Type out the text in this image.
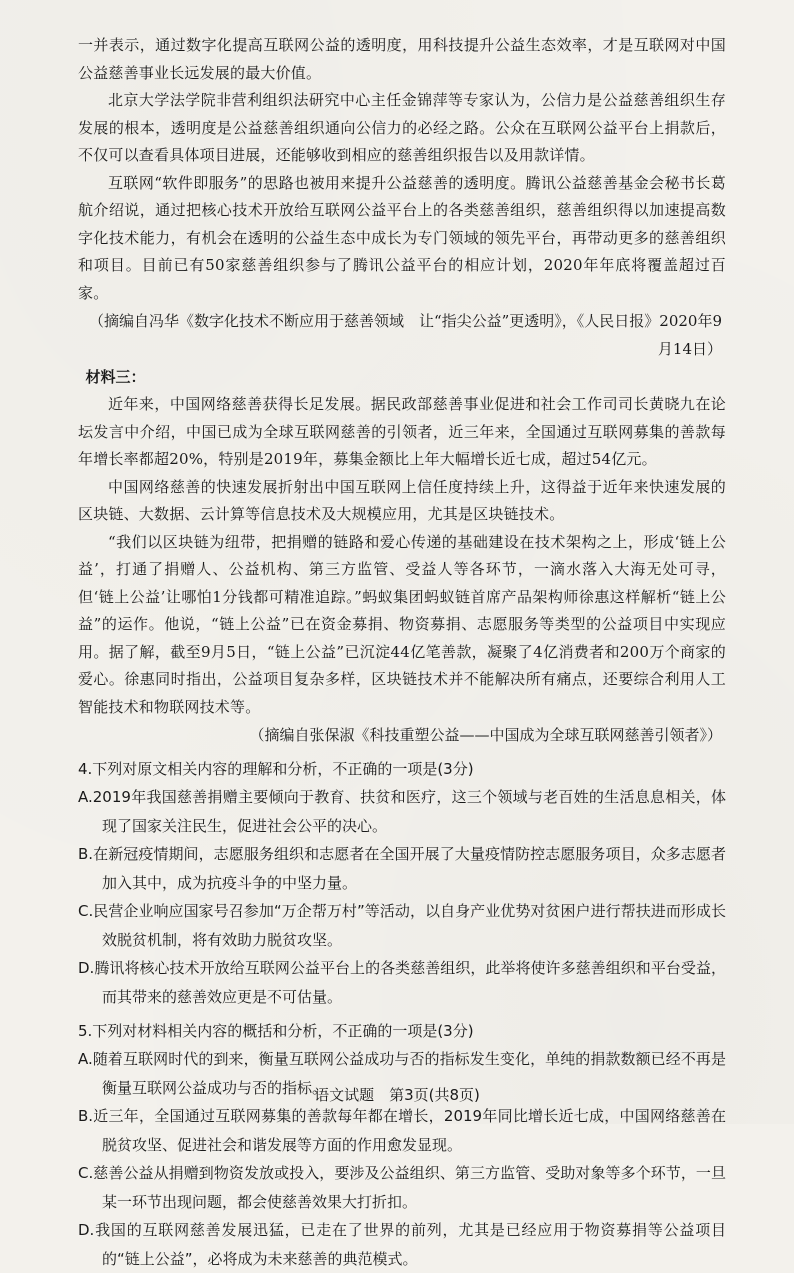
一并表示，通过数字化提高互联网公益的透明度，用科技提升公益生态效率，才是互联网对中国公益慈善事业长远发展的最大价值。

北京大学法学院非营利组织法研究中心主任金锦萍等专家认为，公信力是公益慈善组织生存发展的根本，透明度是公益慈善组织通向公信力的必经之路。公众在互联网公益平台上捐款后，不仅可以查看具体项目进展，还能够收到相应的慈善组织报告以及用款详情。

互联网“软件即服务”的思路也被用来提升公益慈善的透明度。腾讯公益慈善基金会秘书长葛航介绍说，通过把核心技术开放给互联网公益平台上的各类慈善组织，慈善组织得以加速提高数字化技术能力，有机会在透明的公益生态中成长为专门领域的领先平台，再带动更多的慈善组织和项目。目前已有50家慈善组织参与了腾讯公益平台的相应计划，2020年年底将覆盖超过百家。

（摘编自冯华《数字化技术不断应用于慈善领域　让“指尖公益”更透明》，《人民日报》2020年9月14日）

材料三：

近年来，中国网络慈善获得长足发展。据民政部慈善事业促进和社会工作司司长黄晓九在论坛发言中介绍，中国已成为全球互联网慈善的引领者，近三年来，全国通过互联网募集的善款每年增长率都超20%，特别是2019年，募集金额比上年大幅增长近七成，超过54亿元。

中国网络慈善的快速发展折射出中国互联网上信任度持续上升，这得益于近年来快速发展的区块链、大数据、云计算等信息技术及大规模应用，尤其是区块链技术。

“我们以区块链为纽带，把捐赠的链路和爱心传递的基础建设在技术架构之上，形成‘链上公益’，打通了捐赠人、公益机构、第三方监管、受益人等各环节，一滴水落入大海无处可寻，但‘链上公益’让哪怕1分钱都可精准追踪。”蚂蚁集团蚂蚁链首席产品架构师徐惠这样解析“链上公益”的运作。他说，“链上公益”已在资金募捐、物资募捐、志愿服务等类型的公益项目中实现应用。据了解，截至9月5日，“链上公益”已沉淀44亿笔善款，凝聚了4亿消费者和200万个商家的爱心。徐惠同时指出，公益项目复杂多样，区块链技术并不能解决所有痛点，还要综合利用人工智能技术和物联网技术等。

（摘编自张保淑《科技重塑公益——中国成为全球互联网慈善引领者》）

4.下列对原文相关内容的理解和分析，不正确的一项是(3分)

A.2019年我国慈善捐赠主要倾向于教育、扶贫和医疗，这三个领域与老百姓的生活息息相关，体现了国家关注民生，促进社会公平的决心。

B.在新冠疫情期间，志愿服务组织和志愿者在全国开展了大量疫情防控志愿服务项目，众多志愿者加入其中，成为抗疫斗争的中坚力量。

C.民营企业响应国家号召参加“万企帮万村”等活动，以自身产业优势对贫困户进行帮扶进而形成长效脱贫机制，将有效助力脱贫攻坚。

D.腾讯将核心技术开放给互联网公益平台上的各类慈善组织，此举将使许多慈善组织和平台受益，而其带来的慈善效应更是不可估量。

5.下列对材料相关内容的概括和分析，不正确的一项是(3分)

A.随着互联网时代的到来，衡量互联网公益成功与否的指标发生变化，单纯的捐款数额已经不再是衡量互联网公益成功与否的指标。

B.近三年，全国通过互联网募集的善款每年都在增长，2019年同比增长近七成，中国网络慈善在脱贫攻坚、促进社会和谐发展等方面的作用愈发显现。

C.慈善公益从捐赠到物资发放或投入，要涉及公益组织、第三方监管、受助对象等多个环节，一旦某一环节出现问题，都会使慈善效果大打折扣。

D.我国的互联网慈善发展迅猛，已走在了世界的前列，尤其是已经应用于物资募捐等公益项目的“链上公益”，必将成为未来慈善的典范模式。

语文试题　第3页(共8页)
